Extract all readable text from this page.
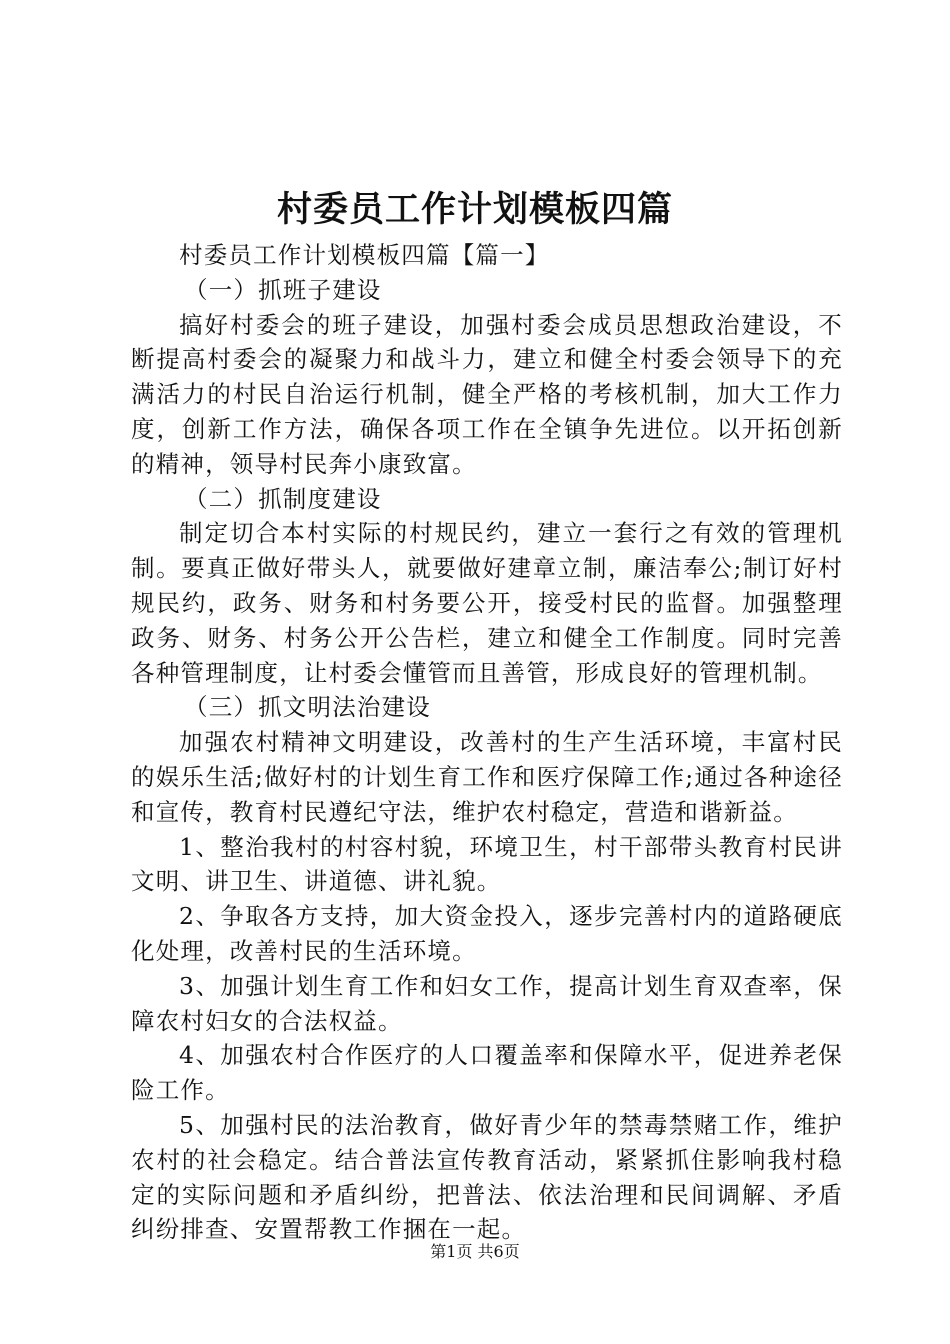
村委员工作计划模板四篇

村委员工作计划模板四篇【篇一】

（一）抓班子建设

搞好村委会的班子建设，加强村委会成员思想政治建设，不断提高村委会的凝聚力和战斗力，建立和健全村委会领导下的充满活力的村民自治运行机制，健全严格的考核机制，加大工作力度，创新工作方法，确保各项工作在全镇争先进位。以开拓创新的精神，领导村民奔小康致富。

（二）抓制度建设

制定切合本村实际的村规民约，建立一套行之有效的管理机制。要真正做好带头人，就要做好建章立制，廉洁奉公;制订好村规民约，政务、财务和村务要公开，接受村民的监督。加强整理政务、财务、村务公开公告栏，建立和健全工作制度。同时完善各种管理制度，让村委会懂管而且善管，形成良好的管理机制。

（三）抓文明法治建设

加强农村精神文明建设，改善村的生产生活环境，丰富村民的娱乐生活;做好村的计划生育工作和医疗保障工作;通过各种途径和宣传，教育村民遵纪守法，维护农村稳定，营造和谐新益。

1、整治我村的村容村貌，环境卫生，村干部带头教育村民讲文明、讲卫生、讲道德、讲礼貌。

2、争取各方支持，加大资金投入，逐步完善村内的道路硬底化处理，改善村民的生活环境。

3、加强计划生育工作和妇女工作，提高计划生育双查率，保障农村妇女的合法权益。

4、加强农村合作医疗的人口覆盖率和保障水平，促进养老保险工作。

5、加强村民的法治教育，做好青少年的禁毒禁赌工作，维护农村的社会稳定。结合普法宣传教育活动，紧紧抓住影响我村稳定的实际问题和矛盾纠纷，把普法、依法治理和民间调解、矛盾纠纷排查、安置帮教工作捆在一起。

第1页 共6页
